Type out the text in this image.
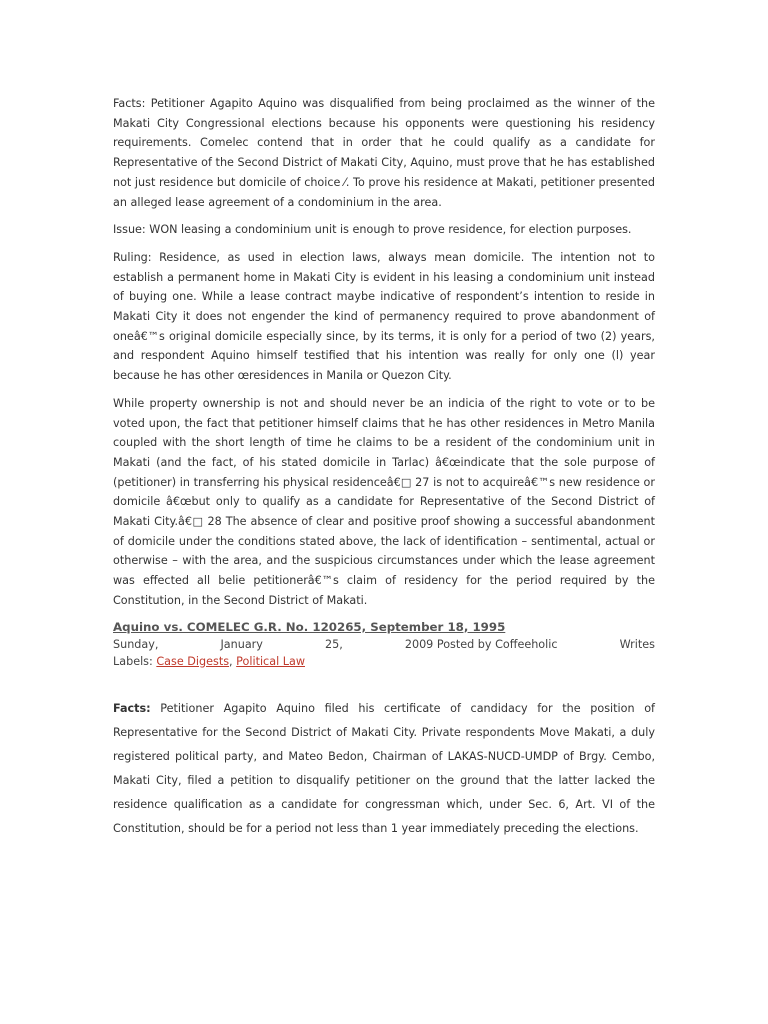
Facts: Petitioner Agapito Aquino was disqualified from being proclaimed as the winner of the Makati City Congressional elections because his opponents were questioning his residency requirements. Comelec contend that in order that he could qualify as a candidate for Representative of the Second District of Makati City, Aquino, must prove that he has established not just residence but domicile of choice ⁄. To prove his residence at Makati, petitioner presented an alleged lease agreement of a condominium in the area.

Issue: WON leasing a condominium unit is enough to prove residence, for election purposes.

Ruling: Residence, as used in election laws, always mean domicile. The intention not to establish a permanent home in Makati City is evident in his leasing a condominium unit instead of buying one. While a lease contract maybe indicative of respondent’s intention to reside in Makati City it does not engender the kind of permanency required to prove abandonment of oneâ€™s original domicile especially since, by its terms, it is only for a period of two (2) years, and respondent Aquino himself testified that his intention was really for only one (l) year because he has other œresidences in Manila or Quezon City.

While property ownership is not and should never be an indicia of the right to vote or to be voted upon, the fact that petitioner himself claims that he has other residences in Metro Manila coupled with the short length of time he claims to be a resident of the condominium unit in Makati (and the fact, of his stated domicile in Tarlac) â€œindicate that the sole purpose of (petitioner) in transferring his physical residenceâ€□ 27 is not to acquireâ€™s new residence or domicile â€œbut only to qualify as a candidate for Representative of the Second District of Makati City.â€□ 28 The absence of clear and positive proof showing a successful abandonment of domicile under the conditions stated above, the lack of identification – sentimental, actual or otherwise – with the area, and the suspicious circumstances under which the lease agreement was effected all belie petitionerâ€™s claim of residency for the period required by the Constitution, in the Second District of Makati.

Aquino vs. COMELEC G.R. No. 120265, September 18, 1995
Sunday,	January	25,	2009 Posted by Coffeeholic	Writes
Labels: Case Digests, Political Law

Facts: Petitioner Agapito Aquino filed his certificate of candidacy for the position of Representative for the Second District of Makati City. Private respondents Move Makati, a duly registered political party, and Mateo Bedon, Chairman of LAKAS-NUCD-UMDP of Brgy. Cembo, Makati City, filed a petition to disqualify petitioner on the ground that the latter lacked the residence qualification as a candidate for congressman which, under Sec. 6, Art. VI of the Constitution, should be for a period not less than 1 year immediately preceding the elections.
